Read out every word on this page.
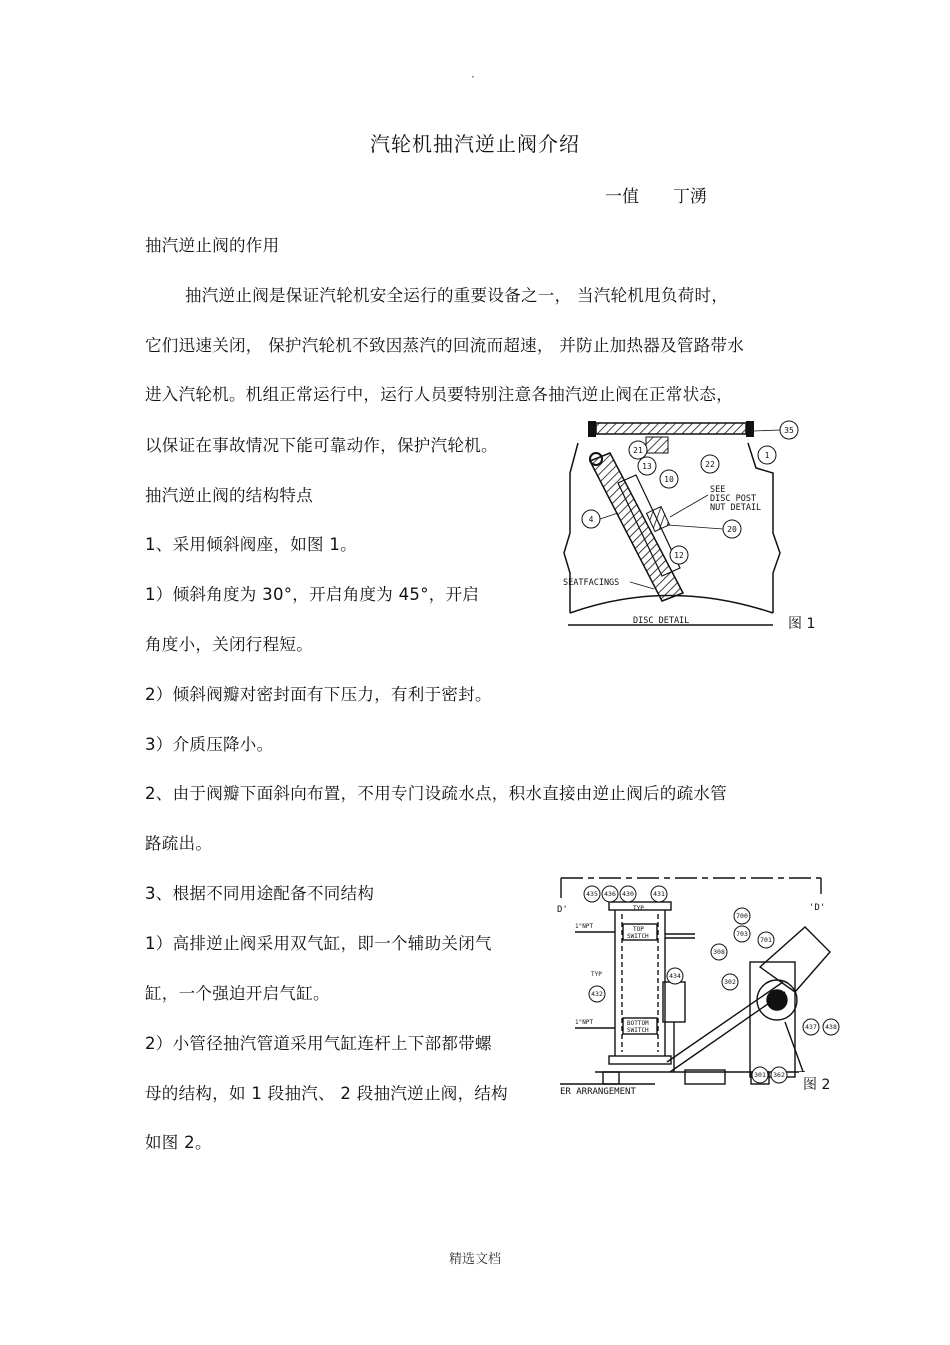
·
汽轮机抽汽逆止阀介绍
一值 丁湧
抽汽逆止阀的作用
抽汽逆止阀是保证汽轮机安全运行的重要设备之一， 当汽轮机甩负荷时，
它们迅速关闭， 保护汽轮机不致因蒸汽的回流而超速， 并防止加热器及管路带水
进入汽轮机。机组正常运行中，运行人员要特别注意各抽汽逆止阀在正常状态，
以保证在事故情况下能可靠动作，保护汽轮机。
抽汽逆止阀的结构特点
1、采用倾斜阀座，如图 1。
1）倾斜角度为 30°，开启角度为 45°，开启
角度小，关闭行程短。
2）倾斜阀瓣对密封面有下压力，有利于密封。
3）介质压降小。
2、由于阀瓣下面斜向布置，不用专门设疏水点，积水直接由逆止阀后的疏水管
路疏出。
3、根据不同用途配备不同结构
1）高排逆止阀采用双气缸，即一个辅助关闭气
缸，一个强迫开启气缸。
2）小管径抽汽管道采用气缸连杆上下部都带螺
母的结构，如 1 段抽汽、 2 段抽汽逆止阀，结构
如图 2。
35
21
13
10
22
1
4
20
12
SEE
DISC POST
NUT DETAIL
SEATFACINGS
DISC DETAIL	图 1
D'	'D'
435 436 430	431
700
703
701
308
434
302
432
437 438
301 362
TYP
TYP
1"NPT
1"NPT
TOP
SWITCH
BOTTOM
SWITCH
ER ARRANGEMENT	图 2
精选文档
